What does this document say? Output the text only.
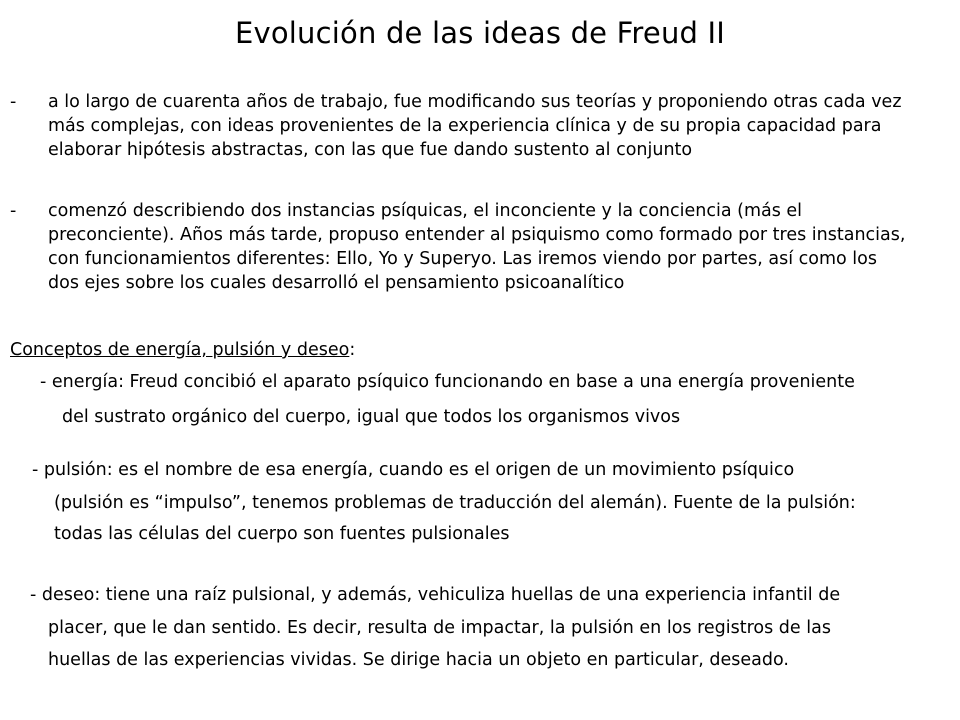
Evolución de las ideas de Freud II
- a lo largo de cuarenta años de trabajo, fue modificando sus teorías y proponiendo otras cada vez más complejas, con ideas provenientes de la experiencia clínica y de su propia capacidad para elaborar hipótesis abstractas, con las que fue dando sustento al conjunto
- comenzó describiendo dos instancias psíquicas, el inconciente y la conciencia (más el preconciente). Años más tarde, propuso entender al psiquismo como formado por tres instancias, con funcionamientos diferentes: Ello, Yo y Superyo. Las iremos viendo por partes, así como los dos ejes sobre los cuales desarrolló el pensamiento psicoanalítico
Conceptos de energía, pulsión y deseo:
- energía: Freud concibió el aparato psíquico funcionando en base a una energía proveniente
del sustrato orgánico del cuerpo, igual que todos los organismos vivos
- pulsión: es el nombre de esa energía, cuando es el origen de un movimiento psíquico
(pulsión es “impulso”, tenemos problemas de traducción del alemán). Fuente de la pulsión:
todas las células del cuerpo son fuentes pulsionales
- deseo: tiene una raíz pulsional, y además, vehiculiza huellas de una experiencia infantil de
placer, que le dan sentido. Es decir, resulta de impactar, la pulsión en los registros de las
huellas de las experiencias vividas. Se dirige hacia un objeto en particular, deseado.
